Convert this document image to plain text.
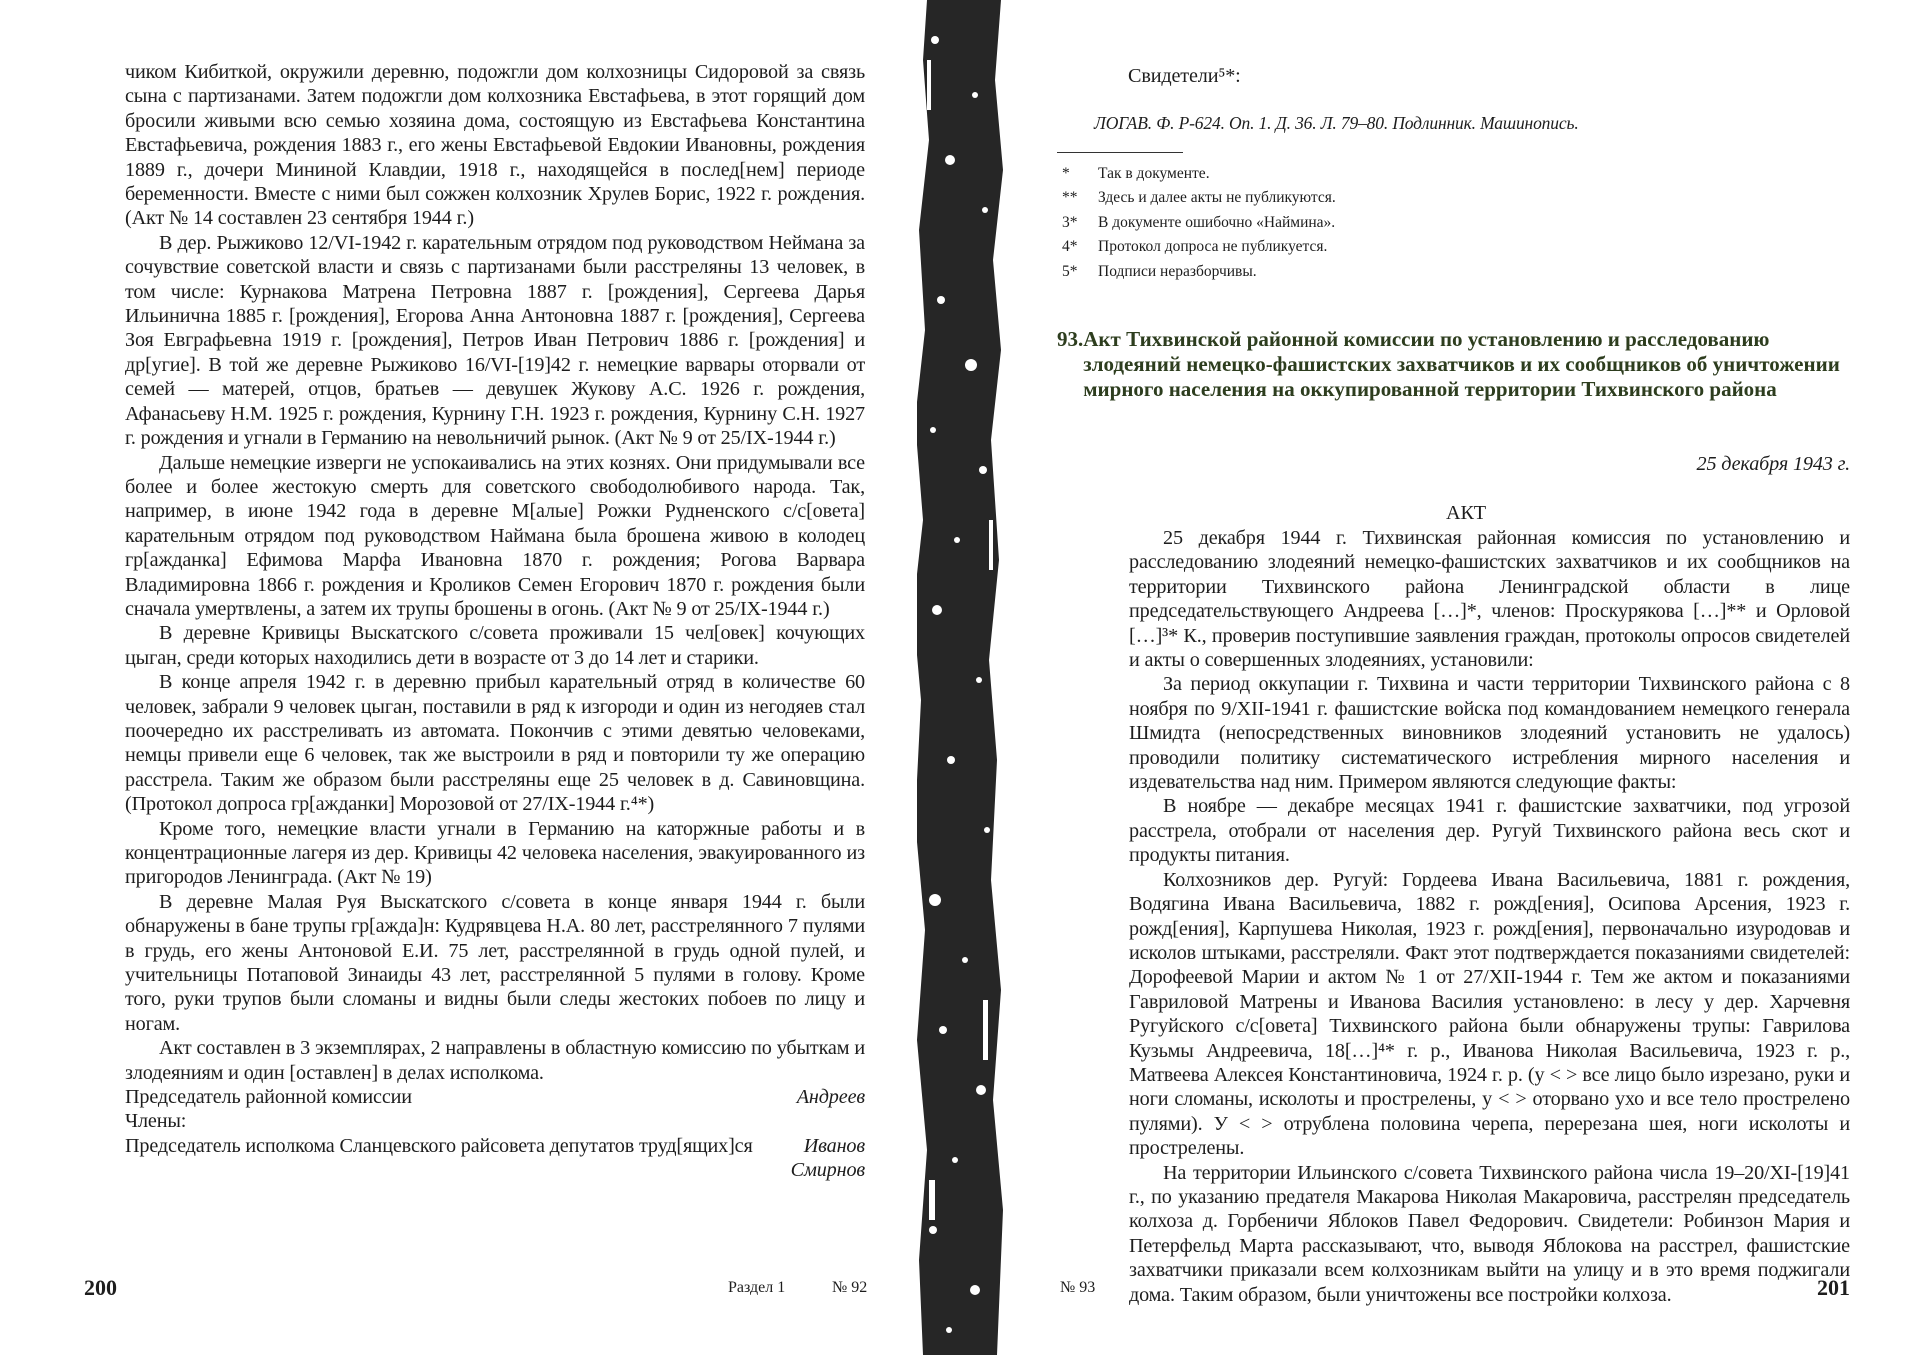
чиком Кибиткой, окружили деревню, подожгли дом колхозницы Сидоровой за связь сына с партизанами. Затем подожгли дом колхозника Евстафьева, в этот горящий дом бросили живыми всю семью хозяина дома, состоящую из Евстафьева Константина Евстафьевича, рождения 1883 г., его жены Евстафьевой Евдокии Ивановны, рождения 1889 г., дочери Мининой Клавдии, 1918 г., находящейся в послед[нем] периоде беременности. Вместе с ними был сожжен колхозник Хрулев Борис, 1922 г. рождения. (Акт № 14 составлен 23 сентября 1944 г.)

В дер. Рыжиково 12/VI-1942 г. карательным отрядом под руководством Неймана за сочувствие советской власти и связь с партизанами были расстреляны 13 человек, в том числе: Курнакова Матрена Петровна 1887 г. [рождения], Сергеева Дарья Ильинична 1885 г. [рождения], Егорова Анна Антоновна 1887 г. [рождения], Сергеева Зоя Евграфьевна 1919 г. [рождения], Петров Иван Петрович 1886 г. [рождения] и др[угие]. В той же деревне Рыжиково 16/VI-[19]42 г. немецкие варвары оторвали от семей — матерей, отцов, братьев — девушек Жукову А.С. 1926 г. рождения, Афанасьеву Н.М. 1925 г. рождения, Курнину Г.Н. 1923 г. рождения, Курнину С.Н. 1927 г. рождения и угнали в Германию на невольничий рынок. (Акт № 9 от 25/IX-1944 г.)

Дальше немецкие изверги не успокаивались на этих кознях. Они придумывали все более и более жестокую смерть для советского свободолюбивого народа. Так, например, в июне 1942 года в деревне М[алые] Рожки Рудненского с/с[овета] карательным отрядом под руководством Наймана была брошена живою в колодец гр[ажданка] Ефимова Марфа Ивановна 1870 г. рождения; Рогова Варвара Владимировна 1866 г. рождения и Кроликов Семен Егорович 1870 г. рождения были сначала умертвлены, а затем их трупы брошены в огонь. (Акт № 9 от 25/IX-1944 г.)

В деревне Кривицы Выскатского с/совета проживали 15 чел[овек] кочующих цыган, среди которых находились дети в возрасте от 3 до 14 лет и старики.

В конце апреля 1942 г. в деревню прибыл карательный отряд в количестве 60 человек, забрали 9 человек цыган, поставили в ряд к изгороди и один из негодяев стал поочередно их расстреливать из автомата. Покончив с этими девятью человеками, немцы привели еще 6 человек, так же выстроили в ряд и повторили ту же операцию расстрела. Таким же образом были расстреляны еще 25 человек в д. Савиновщина. (Протокол допроса гр[ажданки] Морозовой от 27/IX-1944 г.⁴*)

Кроме того, немецкие власти угнали в Германию на каторжные работы и в концентрационные лагеря из дер. Кривицы 42 человека населения, эвакуированного из пригородов Ленинграда. (Акт № 19)

В деревне Малая Руя Выскатского с/совета в конце января 1944 г. были обнаружены в бане трупы гр[ажда]н: Кудрявцева Н.А. 80 лет, расстрелянного 7 пулями в грудь, его жены Антоновой Е.И. 75 лет, расстрелянной в грудь одной пулей, и учительницы Потаповой Зинаиды 43 лет, расстрелянной 5 пулями в голову. Кроме того, руки трупов были сломаны и видны были следы жестоких побоев по лицу и ногам.

Акт составлен в 3 экземплярах, 2 направлены в областную комиссию по убыткам и злодеяниям и один [оставлен] в делах исполкома.

Председатель районной комиссии	Андреев
Члены:
Председатель исполкома Сланцевского райсовета депутатов труд[ящих]ся	Иванов
Смирнов
200	Раздел 1	№ 92
Свидетели⁵*:
ЛОГАВ. Ф. Р-624. Оп. 1. Д. 36. Л. 79–80. Подлинник. Машинопись.
*	Так в документе.
**	Здесь и далее акты не публикуются.
3*	В документе ошибочно «Наймина».
4*	Протокол допроса не публикуется.
5*	Подписи неразборчивы.
93. Акт Тихвинской районной комиссии по установлению и расследованию злодеяний немецко-фашистских захватчиков и их сообщников об уничтожении мирного населения на оккупированной территории Тихвинского района
25 декабря 1943 г.
АКТ

25 декабря 1944 г. Тихвинская районная комиссия по установлению и расследованию злодеяний немецко-фашистских захватчиков и их сообщников на территории Тихвинского района Ленинградской области в лице председательствующего Андреева […]*, членов: Проскурякова […]** и Орловой […]³* К., проверив поступившие заявления граждан, протоколы опросов свидетелей и акты о совершенных злодеяниях, установили:

За период оккупации г. Тихвина и части территории Тихвинского района с 8 ноября по 9/XII-1941 г. фашистские войска под командованием немецкого генерала Шмидта (непосредственных виновников злодеяний установить не удалось) проводили политику систематического истребления мирного населения и издевательства над ним. Примером являются следующие факты:

В ноябре — декабре месяцах 1941 г. фашистские захватчики, под угрозой расстрела, отобрали от населения дер. Ругуй Тихвинского района весь скот и продукты питания.

Колхозников дер. Ругуй: Гордеева Ивана Васильевича, 1881 г. рождения, Водягина Ивана Васильевича, 1882 г. рожд[ения], Осипова Арсения, 1923 г. рожд[ения], Карпушева Николая, 1923 г. рожд[ения], первоначально изуродовав и исколов штыками, расстреляли. Факт этот подтверждается показаниями свидетелей: Дорофеевой Марии и актом № 1 от 27/XII-1944 г. Тем же актом и показаниями Гавриловой Матрены и Иванова Василия установлено: в лесу у дер. Харчевня Ругуйского с/с[овета] Тихвинского района были обнаружены трупы: Гаврилова Кузьмы Андреевича, 18[…]⁴* г. р., Иванова Николая Васильевича, 1923 г. р., Матвеева Алексея Константиновича, 1924 г. р. (у < > все лицо было изрезано, руки и ноги сломаны, исколоты и прострелены, у < > оторвано ухо и все тело прострелено пулями). У < > отрублена половина черепа, перерезана шея, ноги исколоты и прострелены.

На территории Ильинского с/совета Тихвинского района числа 19–20/XI-[19]41 г., по указанию предателя Макарова Николая Макаровича, расстрелян председатель колхоза д. Горбеничи Яблоков Павел Федорович. Свидетели: Робинзон Мария и Петерфельд Марта рассказывают, что, выводя Яблокова на расстрел, фашистские захватчики приказали всем колхозникам выйти на улицу и в это время поджигали дома. Таким образом, были уничтожены все постройки колхоза.

№ 93	201
